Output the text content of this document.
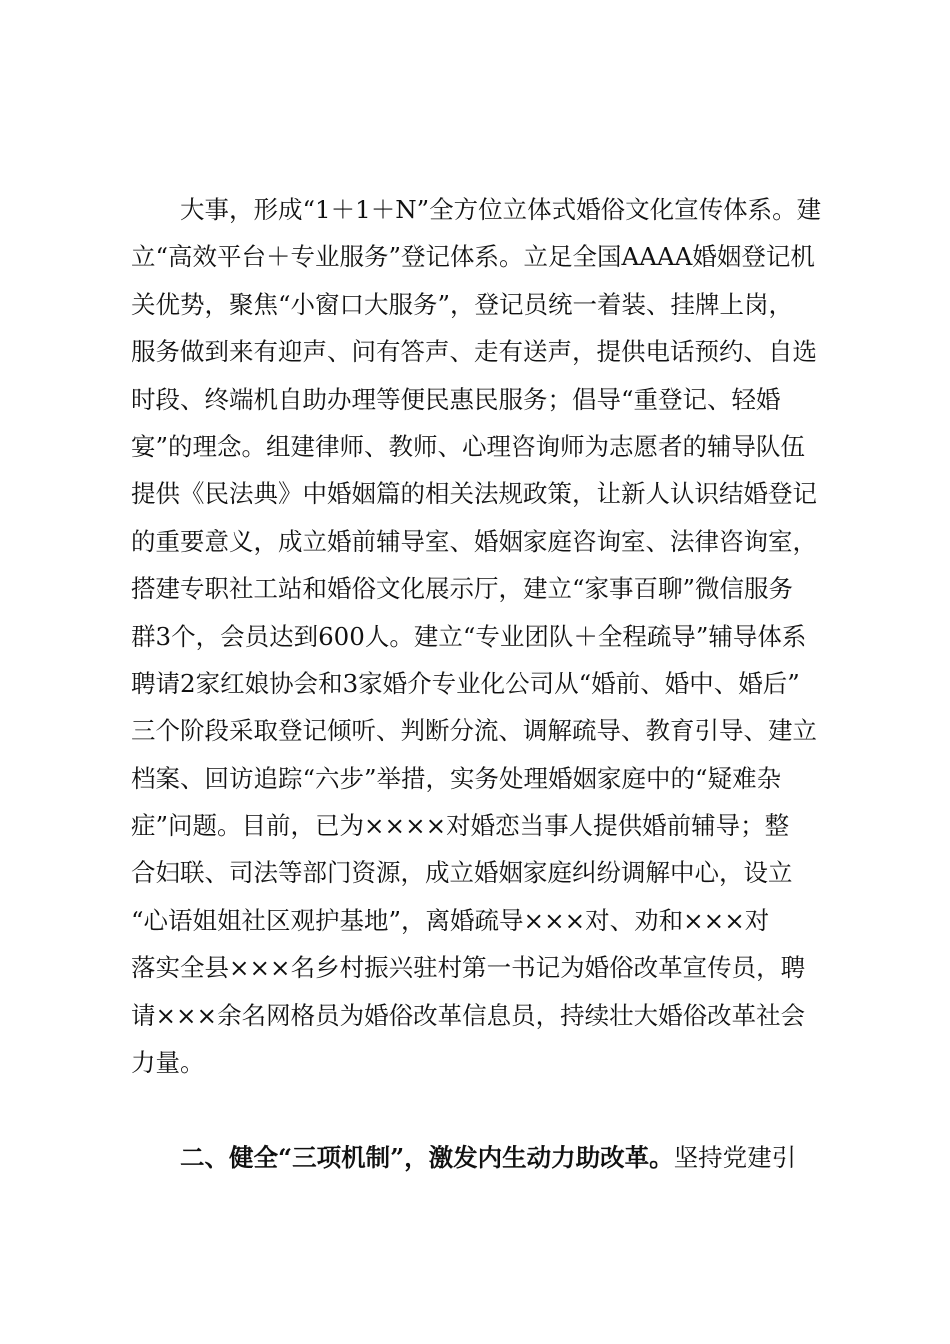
大事，形成“1＋1＋N”全方位立体式婚俗文化宣传体系。建
立“高效平台＋专业服务”登记体系。立足全国AAAA婚姻登记机
关优势，聚焦“小窗口大服务”，登记员统一着装、挂牌上岗，
服务做到来有迎声、问有答声、走有送声，提供电话预约、自选
时段、终端机自助办理等便民惠民服务；倡导“重登记、轻婚
宴”的理念。组建律师、教师、心理咨询师为志愿者的辅导队伍
提供《民法典》中婚姻篇的相关法规政策，让新人认识结婚登记
的重要意义，成立婚前辅导室、婚姻家庭咨询室、法律咨询室，
搭建专职社工站和婚俗文化展示厅，建立“家事百聊”微信服务
群3个，会员达到600人。建立“专业团队＋全程疏导”辅导体系
聘请2家红娘协会和3家婚介专业化公司从“婚前、婚中、婚后”
三个阶段采取登记倾听、判断分流、调解疏导、教育引导、建立
档案、回访追踪“六步”举措，实务处理婚姻家庭中的“疑难杂
症”问题。目前，已为××××对婚恋当事人提供婚前辅导；整
合妇联、司法等部门资源，成立婚姻家庭纠纷调解中心，设立
“心语姐姐社区观护基地”，离婚疏导×××对、劝和×××对
落实全县×××名乡村振兴驻村第一书记为婚俗改革宣传员，聘
请×××余名网格员为婚俗改革信息员，持续壮大婚俗改革社会
力量。
二、健全“三项机制”，激发内生动力助改革。坚持党建引
